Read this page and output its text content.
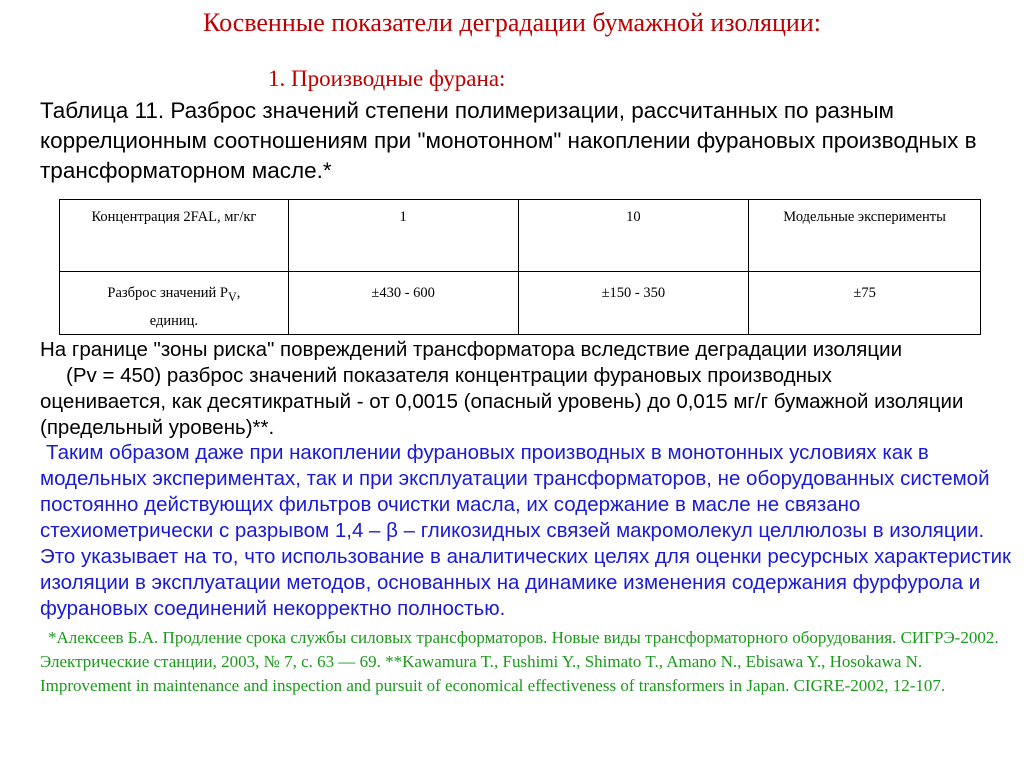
Косвенные показатели деградации бумажной изоляции:
1. Производные фурана:
Таблица 11. Разброс значений степени полимеризации, рассчитанных по разным коррелционным соотношениям при "монотонном" накоплении фурановых производных в трансформаторном масле.*
Концентрация 2FAL, мг/кг	1	10	Модельные эксперименты
Разброс значений $P_V$,
единиц.	±430 - 600	±150 - 350	±75
На границе "зоны риска" повреждений трансформатора вследствие деградации изоляции
(Pv = 450) разброс значений показателя концентрации фурановых производных
оценивается, как десятикратный - от 0,0015 (опасный уровень) до 0,015 мг/г бумажной изоляции (предельный уровень)**.
Таким образом даже при накоплении фурановых производных в монотонных условиях как в модельных экспериментах, так и при эксплуатации трансформаторов, не оборудованных системой постоянно действующих фильтров очистки масла, их содержание в масле не связано стехиометрически с разрывом 1,4 – β – гликозидных связей макромолекул целлюлозы в изоляции. Это указывает на то, что использование в аналитических целях для оценки ресурсных характеристик изоляции в эксплуатации методов, основанных на динамике изменения содержания фурфурола и фурановых соединений некорректно полностью.
*Алексеев Б.А. Продление срока службы силовых трансформаторов. Новые виды трансформаторного оборудования. СИГРЭ-2002. Электрические станции, 2003, № 7, с. 63 — 69. **Kawamura T., Fushimi Y., Shimato T., Amano N., Ebisawa Y., Hosokawa N. Improvement in maintenance and inspection and pursuit of economical effectiveness of transformers in Japan. CIGRE-2002, 12-107.
